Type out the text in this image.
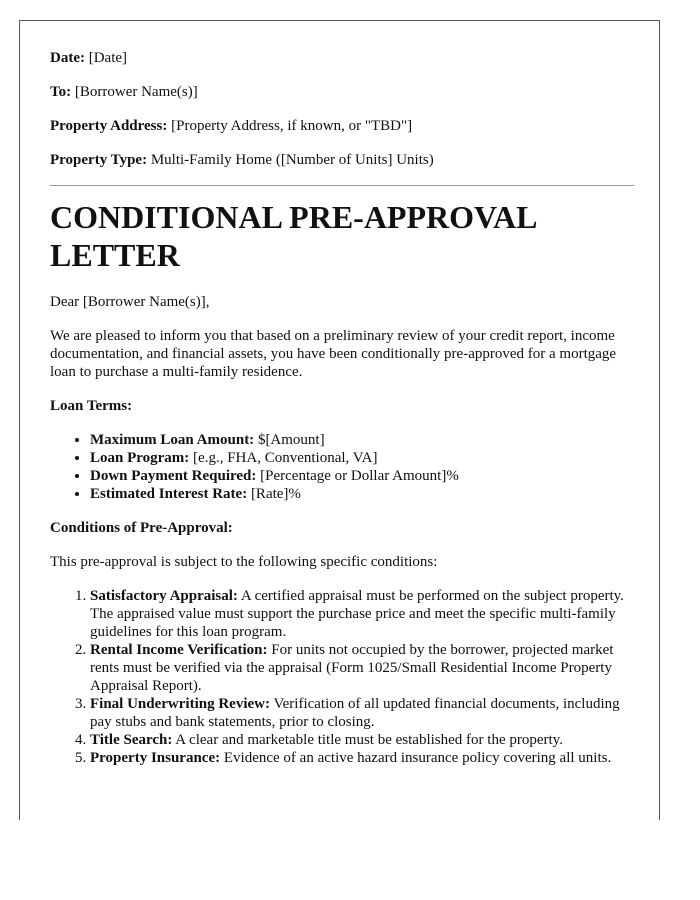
Date: [Date]
To: [Borrower Name(s)]
Property Address: [Property Address, if known, or "TBD"]
Property Type: Multi-Family Home ([Number of Units] Units)
CONDITIONAL PRE-APPROVAL LETTER

Dear [Borrower Name(s)],

We are pleased to inform you that based on a preliminary review of your credit report, income documentation, and financial assets, you have been conditionally pre-approved for a mortgage loan to purchase a multi-family residence.

Loan Terms:

• Maximum Loan Amount: $[Amount]
• Loan Program: [e.g., FHA, Conventional, VA]
• Down Payment Required: [Percentage or Dollar Amount]%
• Estimated Interest Rate: [Rate]%

Conditions of Pre-Approval:

This pre-approval is subject to the following specific conditions:

1. Satisfactory Appraisal: A certified appraisal must be performed on the subject property. The appraised value must support the purchase price and meet the specific multi-family guidelines for this loan program.
2. Rental Income Verification: For units not occupied by the borrower, projected market rents must be verified via the appraisal (Form 1025/Small Residential Income Property Appraisal Report).
3. Final Underwriting Review: Verification of all updated financial documents, including pay stubs and bank statements, prior to closing.
4. Title Search: A clear and marketable title must be established for the property.
5. Property Insurance: Evidence of an active hazard insurance policy covering all units.
